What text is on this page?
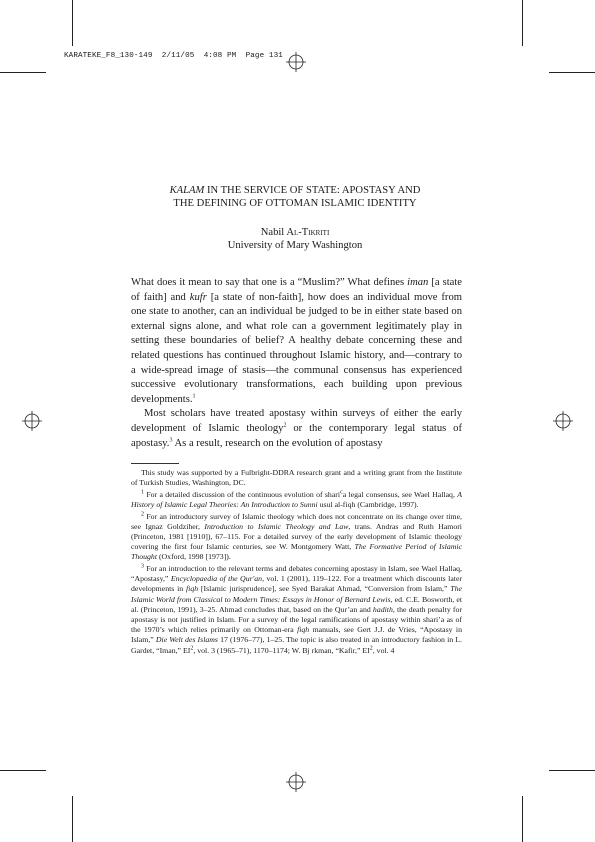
KARATEKE_F8_130-149  2/11/05  4:08 PM  Page 131
KALAM IN THE SERVICE OF STATE: APOSTASY AND
THE DEFINING OF OTTOMAN ISLAMIC IDENTITY
Nabil Al-Tikriti
University of Mary Washington

What does it mean to say that one is a “Muslim?” What defines iman [a state of faith] and kufr [a state of non-faith], how does an individual move from one state to another, can an individual be judged to be in either state based on external signs alone, and what role can a government legitimately play in setting these boundaries of belief? A healthy debate concerning these and related questions has continued throughout Islamic history, and—contrary to a wide-spread image of stasis—the communal consensus has experienced successive evolutionary transformations, each building upon previous developments.$^1$

Most scholars have treated apostasy within surveys of either the early development of Islamic theology$^2$ or the contemporary legal status of apostasy.$^3$ As a result, research on the evolution of apostasy

This study was supported by a Fulbright-DDRA research grant and a writing grant from the Institute of Turkish Studies, Washington, DC.

$^1$ For a detailed discussion of the continuous evolution of shari$^c$a legal consensus, see Wael Hallaq, A History of Islamic Legal Theories: An Introduction to Sunni usul al-fiqh (Cambridge, 1997).

$^2$ For an introductory survey of Islamic theology which does not concentrate on its change over time, see Ignaz Goldziher, Introduction to Islamic Theology and Law, trans. Andras and Ruth Hamori (Princeton, 1981 [1910]), 67–115. For a detailed survey of the early development of Islamic theology covering the first four Islamic centuries, see W. Montgomery Watt, The Formative Period of Islamic Thought (Oxford, 1998 [1973]).

$^3$ For an introduction to the relevant terms and debates concerning apostasy in Islam, see Wael Hallaq, “Apostasy,” Encyclopaedia of the Qur'an, vol. 1 (2001), 119–122. For a treatment which discounts later developments in fiqh [Islamic jurisprudence], see Syed Barakat Ahmad, “Conversion from Islam,” The Islamic World from Classical to Modern Times: Essays in Honor of Bernard Lewis, ed. C.E. Bosworth, et al. (Princeton, 1991), 3–25. Ahmad concludes that, based on the Qur’an and hadith, the death penalty for apostasy is not justified in Islam. For a survey of the legal ramifications of apostasy within shari’a as of the 1970’s which relies primarily on Ottoman-era fiqh manuals, see Gert J.J. de Vries, “Apostasy in Islam,” Die Welt des Islams 17 (1976–77), 1–25. The topic is also treated in an introductory fashion in L. Gardet, “Iman,” $EI^2$, vol. 3 (1965–71), 1170–1174; W. Bj rkman, “Kafir,” $EI^2$, vol. 4
